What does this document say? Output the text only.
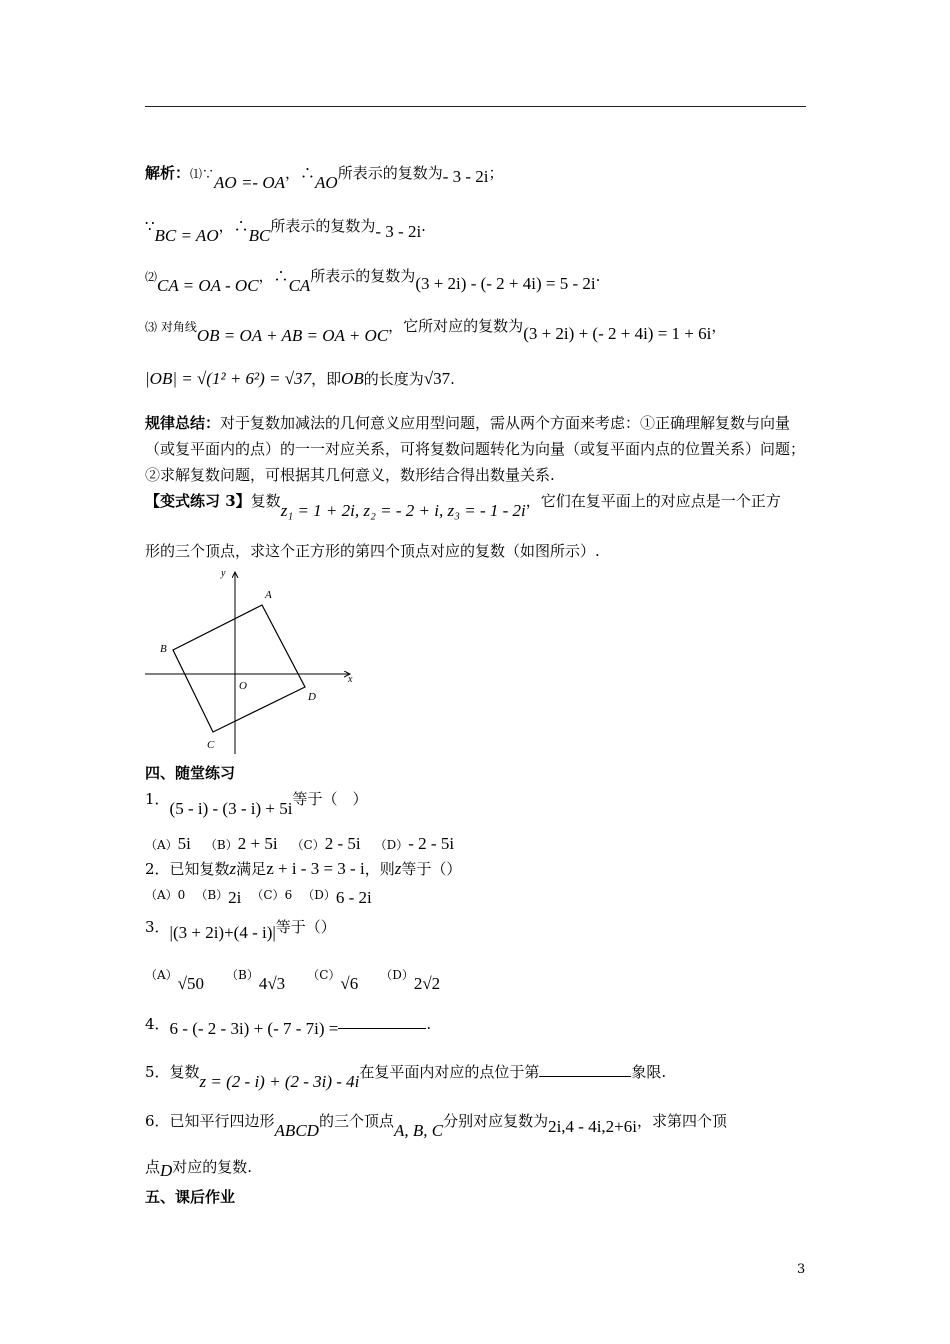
解析：⑴∵AO =- OA，∴AO所表示的复数为- 3 - 2i；
∵BC = AO，∴BC所表示的复数为- 3 - 2i.
⑵CA = OA - OC，∴CA所表示的复数为(3 + 2i) - (- 2 + 4i) = 5 - 2i.
⑶ 对角线OB = OA + AB = OA + OC，它所对应的复数为(3 + 2i) + (- 2 + 4i) = 1 + 6i，
|OB| = √(1² + 6²) = √37，即OB的长度为√37.
规律总结：对于复数加减法的几何意义应用型问题，需从两个方面来考虑：①正确理解复数与向量（或复平面内的点）的一一对应关系，可将复数问题转化为向量（或复平面内点的位置关系）问题；②求解复数问题，可根据其几何意义，数形结合得出数量关系.
【变式练习 3】复数z₁ = 1 + 2i, z₂ = - 2 + i, z₃ = - 1 - 2i，它们在复平面上的对应点是一个正方
形的三个顶点，求这个正方形的第四个顶点对应的复数（如图所示）.
A
B
C
D
O
x
y
四、随堂练习
1．(5 - i) - (3 - i) + 5i等于（　）
（A）5i （B）2 + 5i （C）2 - 5i （D）- 2 - 5i
2．已知复数z满足z + i - 3 = 3 - i，则z等于（）
（A）0 （B）2i （C）6 （D）6 - 2i
3．|(3 + 2i)+(4 - i)|等于（）
（A）√50 （B）4√3 （C）√6 （D）2√2
4．6 - (- 2 - 3i) + (- 7 - 7i) =	.
5．复数z = (2 - i) + (2 - 3i) - 4i在复平面内对应的点位于第	象限.
6．已知平行四边形ABCD的三个顶点A, B, C分别对应复数为2i,4 - 4i,2+6i，求第四个顶
点D对应的复数.
五、课后作业
3
